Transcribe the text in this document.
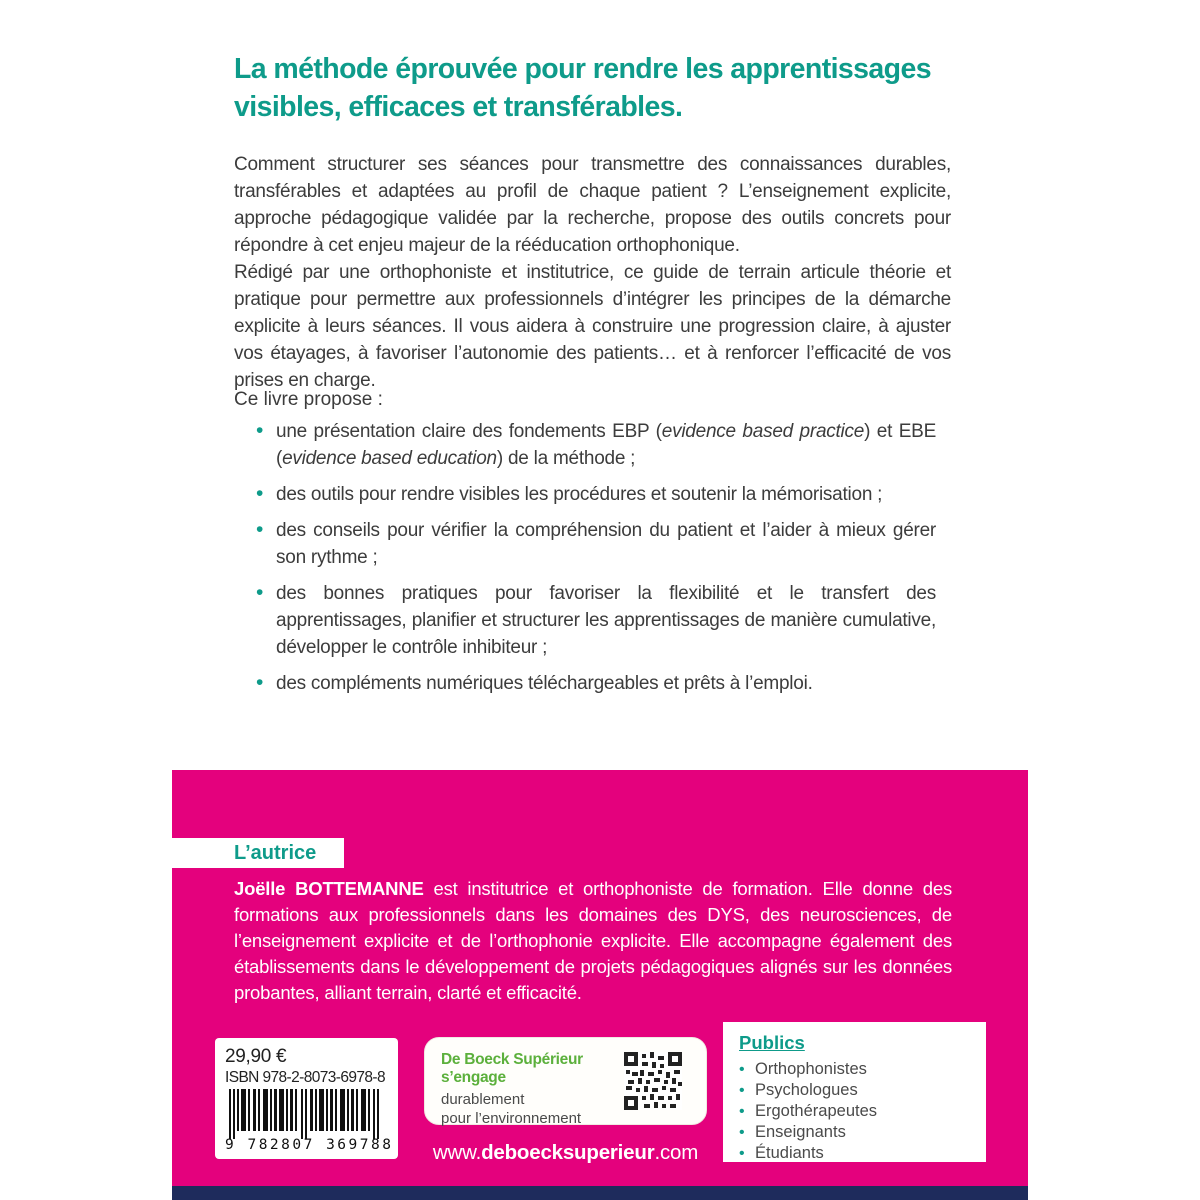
La méthode éprouvée pour rendre les apprentissages
visibles, efficaces et transférables.

Comment structurer ses séances pour transmettre des connaissances durables, transférables et adaptées au profil de chaque patient ? L’enseignement explicite, approche pédagogique validée par la recherche, propose des outils concrets pour répondre à cet enjeu majeur de la rééducation orthophonique.

Rédigé par une orthophoniste et institutrice, ce guide de terrain articule théorie et pratique pour permettre aux professionnels d’intégrer les principes de la démarche explicite à leurs séances. Il vous aidera à construire une progression claire, à ajuster vos étayages, à favoriser l’autonomie des patients… et à renforcer l’efficacité de vos prises en charge.

Ce livre propose :

• une présentation claire des fondements EBP (evidence based practice) et EBE (evidence based education) de la méthode ;
• des outils pour rendre visibles les procédures et soutenir la mémorisation ;
• des conseils pour vérifier la compréhension du patient et l’aider à mieux gérer son rythme ;
• des bonnes pratiques pour favoriser la flexibilité et le transfert des apprentissages, planifier et structurer les apprentissages de manière cumulative, développer le contrôle inhibiteur ;
• des compléments numériques téléchargeables et prêts à l’emploi.
L’autrice

Joëlle BOTTEMANNE est institutrice et orthophoniste de formation. Elle donne des formations aux professionnels dans les domaines des DYS, des neurosciences, de l’enseignement explicite et de l’orthophonie explicite. Elle accompagne également des établissements dans le développement de projets pédagogiques alignés sur les données probantes, alliant terrain, clarté et efficacité.

29,90 €
ISBN 978-2-8073-6978-8
9 782807 369788
De Boeck Supérieur s’engage
durablement
pour l’environnement
www.deboecksuperieur.com
Publics
• Orthophonistes
• Psychologues
• Ergothérapeutes
• Enseignants
• Étudiants
